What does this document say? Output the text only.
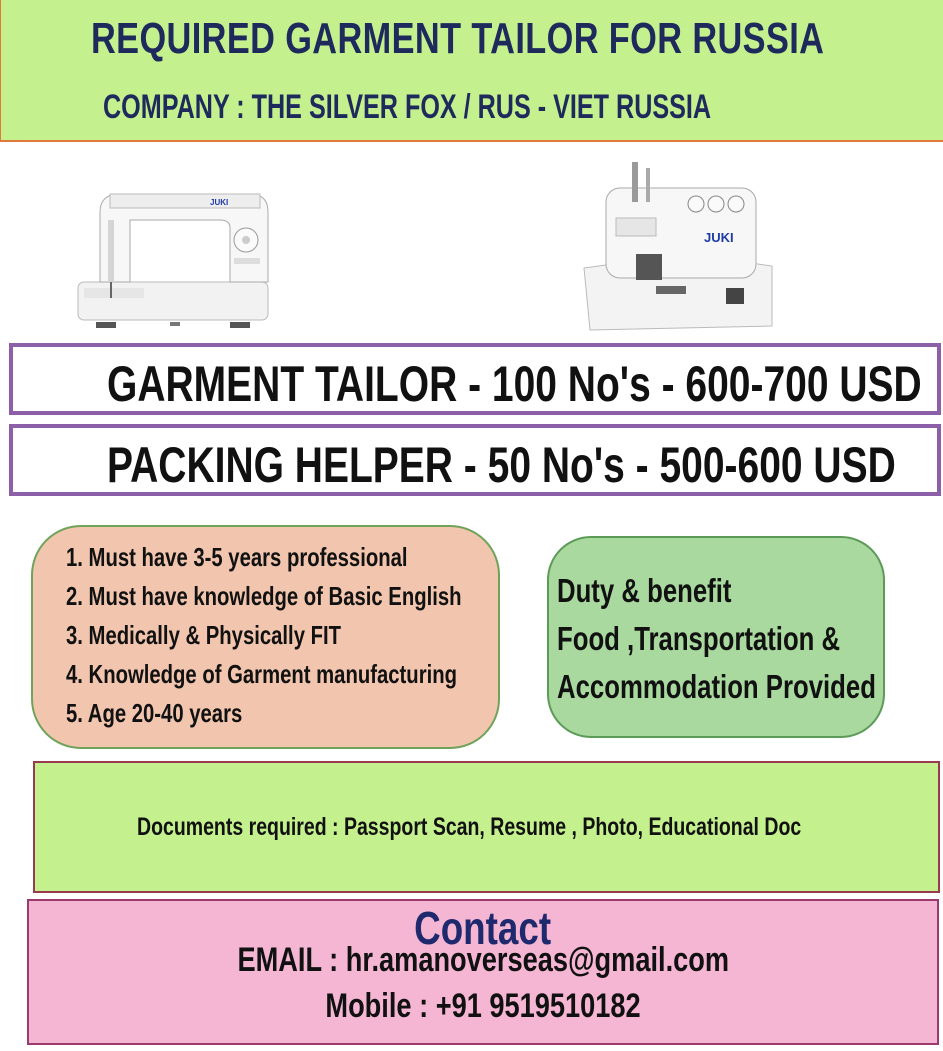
REQUIRED GARMENT TAILOR FOR RUSSIA
COMPANY : THE SILVER FOX / RUS - VIET RUSSIA
JUKI
JUKI
GARMENT TAILOR - 100 No's - 600-700 USD
PACKING HELPER - 50 No's - 500-600 USD
1. Must have 3-5 years professional
2. Must have knowledge of Basic English
3. Medically & Physically FIT
4. Knowledge of Garment manufacturing
5. Age 20-40 years
Duty & benefit
Food ,Transportation &
Accommodation Provided
Documents required : Passport Scan, Resume , Photo, Educational Doc
Contact
EMAIL : hr.amanoverseas@gmail.com
Mobile : +91 9519510182
